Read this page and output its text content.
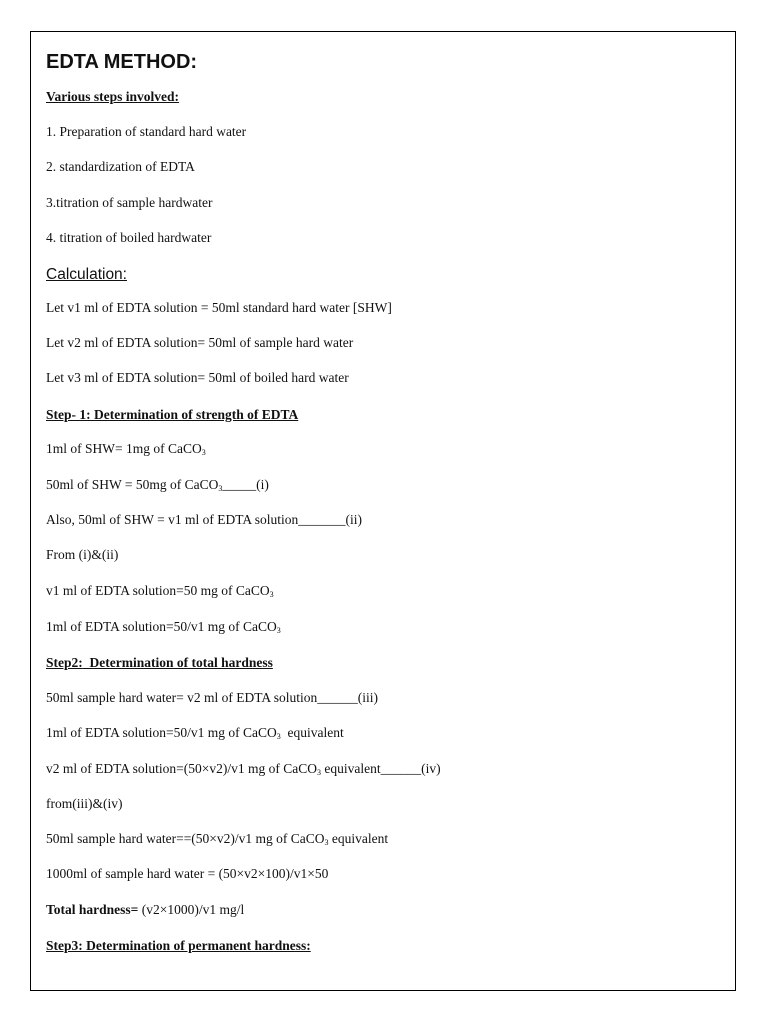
EDTA METHOD:
Various steps involved:
1. Preparation of standard hard water
2. standardization of EDTA
3.titration of sample hardwater
4. titration of boiled hardwater
Calculation:
Let v1 ml of EDTA solution = 50ml standard hard water [SHW]
Let v2 ml of EDTA solution= 50ml of sample hard water
Let v3 ml of EDTA solution= 50ml of boiled hard water
Step- 1: Determination of strength of EDTA
1ml of SHW= 1mg of CaCO$_3$
50ml of SHW = 50mg of CaCO$_3$_____(i)
Also, 50ml of SHW = v1 ml of EDTA solution_______(ii)
From (i)&(ii)
v1 ml of EDTA solution=50 mg of CaCO$_3$
1ml of EDTA solution=50/v1 mg of CaCO$_3$
Step2: Determination of total hardness
50ml sample hard water= v2 ml of EDTA solution______(iii)
1ml of EDTA solution=50/v1 mg of CaCO$_3$ equivalent
v2 ml of EDTA solution=(50×v2)/v1 mg of CaCO$_3$ equivalent______(iv)
from(iii)&(iv)
50ml sample hard water==(50×v2)/v1 mg of CaCO$_3$ equivalent
1000ml of sample hard water = (50×v2×100)/v1×50
Total hardness= (v2×1000)/v1 mg/l
Step3: Determination of permanent hardness:
